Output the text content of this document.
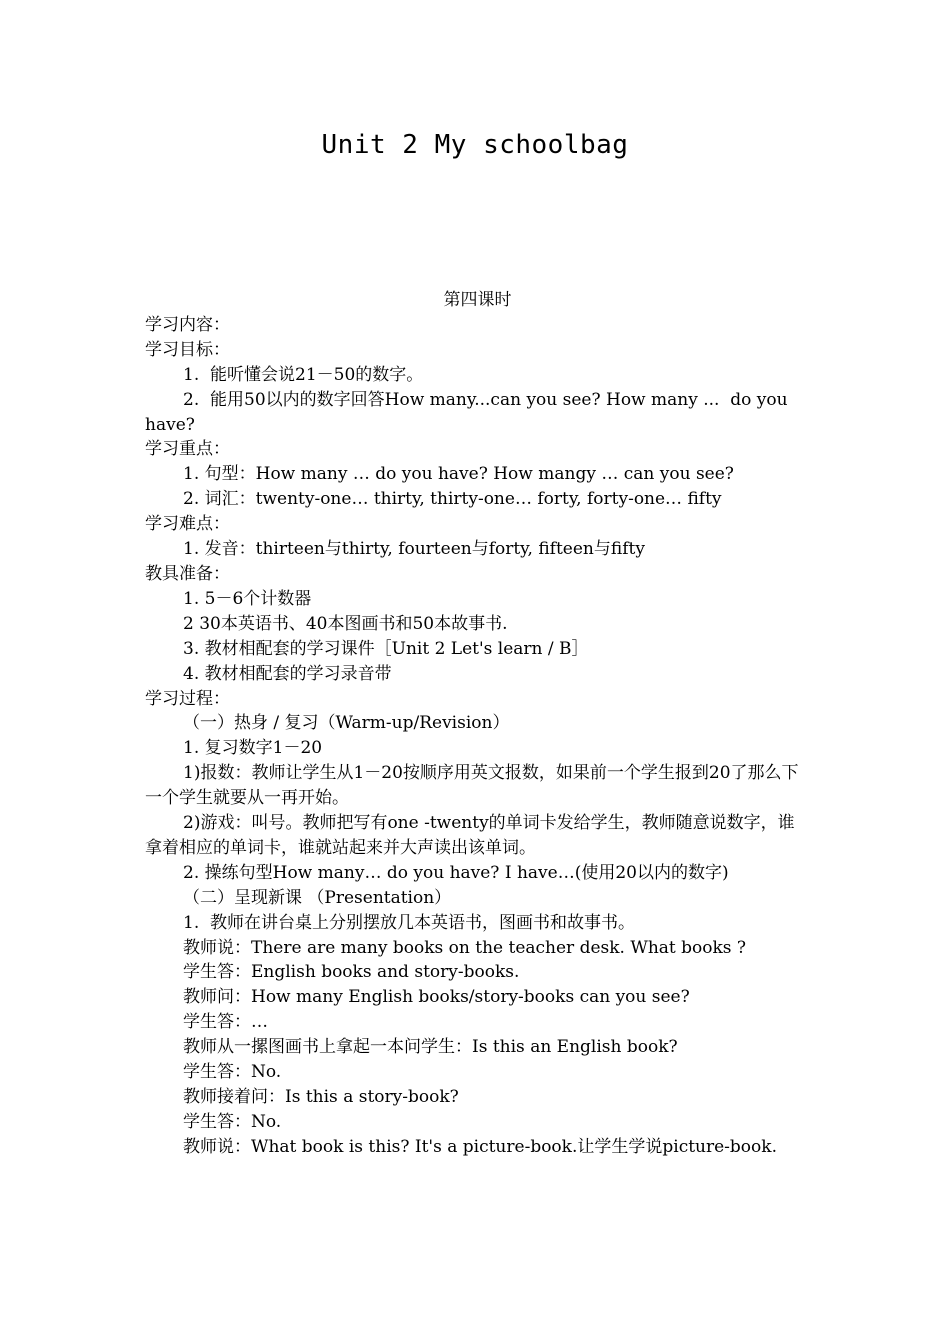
Unit 2 My schoolbag

第四课时

学习内容：

学习目标：

1.  能听懂会说21－50的数字。

2.  能用50以内的数字回答How many...can you see? How many ...  do you have?

学习重点：

1. 句型：How many … do you have? How mangy … can you see?

2. 词汇：twenty-one… thirty, thirty-one… forty, forty-one… fifty

学习难点：

1. 发音：thirteen与thirty, fourteen与forty, fifteen与fifty

教具准备：

1. 5－6个计数器

2 30本英语书、40本图画书和50本故事书.

3. 教材相配套的学习课件［Unit 2 Let's learn / B］

4. 教材相配套的学习录音带

学习过程：

（一）热身 / 复习（Warm-up/Revision）

1. 复习数字1－20

1)报数：教师让学生从1－20按顺序用英文报数，如果前一个学生报到20了那么下一个学生就要从一再开始。

2)游戏：叫号。教师把写有one -twenty的单词卡发给学生，教师随意说数字，谁拿着相应的单词卡，谁就站起来并大声读出该单词。

2. 操练句型How many… do you have? I have…(使用20以内的数字)

（二）呈现新课 （Presentation）

1.  教师在讲台桌上分别摆放几本英语书，图画书和故事书。

教师说：There are many books on the teacher desk. What books ?

学生答：English books and story-books.

教师问：How many English books/story-books can you see?

学生答：…

教师从一摞图画书上拿起一本问学生：Is this an English book?

学生答：No.

教师接着问：Is this a story-book?

学生答：No.

教师说：What book is this? It's a picture-book.让学生学说picture-book.
